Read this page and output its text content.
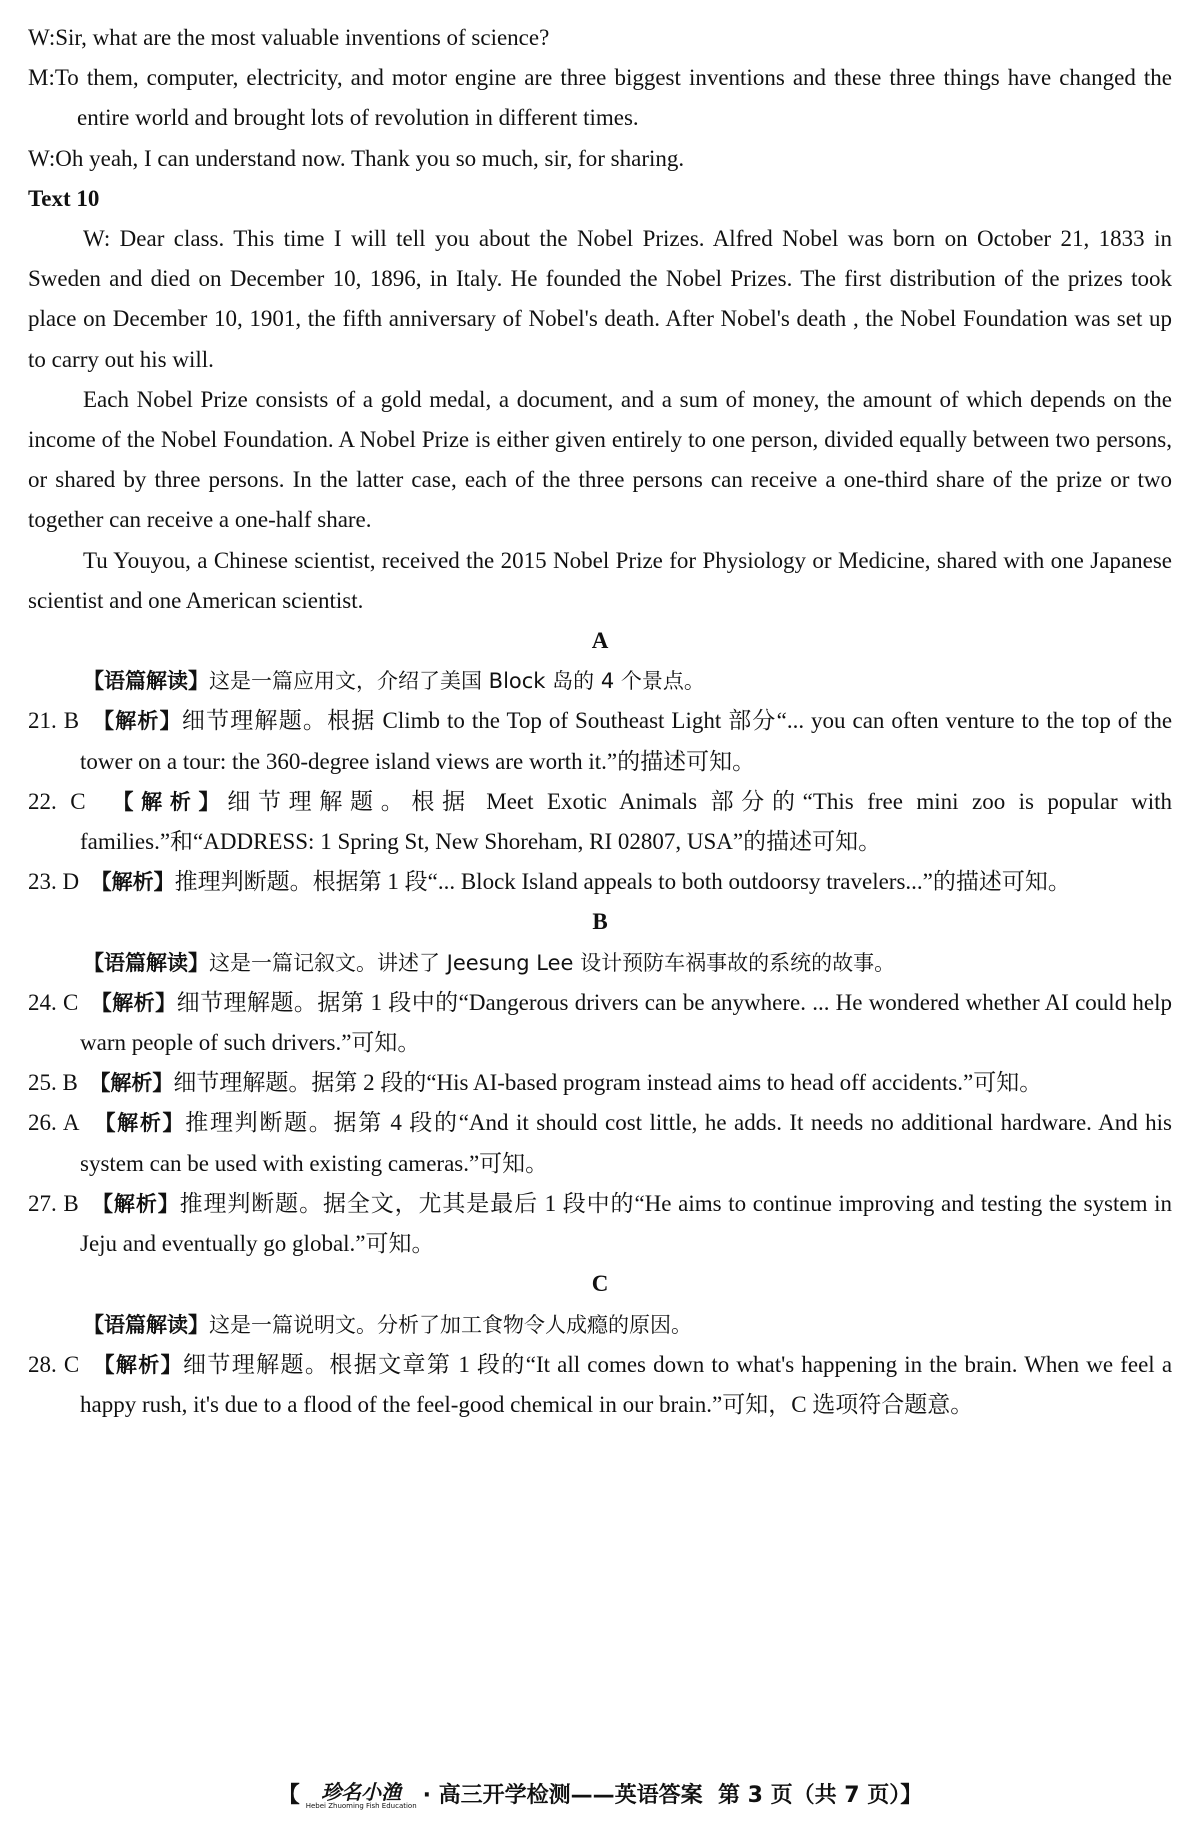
W:Sir, what are the most valuable inventions of science?

M:To them, computer, electricity, and motor engine are three biggest inventions and these three things have changed the entire world and brought lots of revolution in different times.

W:Oh yeah, I can understand now. Thank you so much, sir, for sharing.

Text 10

W: Dear class. This time I will tell you about the Nobel Prizes. Alfred Nobel was born on October 21, 1833 in Sweden and died on December 10, 1896, in Italy. He founded the Nobel Prizes. The first distribution of the prizes took place on December 10, 1901, the fifth anniversary of Nobel's death. After Nobel's death , the Nobel Foundation was set up to carry out his will.

Each Nobel Prize consists of a gold medal, a document, and a sum of money, the amount of which depends on the income of the Nobel Foundation. A Nobel Prize is either given entirely to one person, divided equally between two persons, or shared by three persons. In the latter case, each of the three persons can receive a one-third share of the prize or two together can receive a one-half share.

Tu Youyou, a Chinese scientist, received the 2015 Nobel Prize for Physiology or Medicine, shared with one Japanese scientist and one American scientist.

A

【语篇解读】这是一篇应用文，介绍了美国 Block 岛的 4 个景点。

21. B 【解析】细节理解题。根据 Climb to the Top of Southeast Light 部分“... you can often venture to the top of the tower on a tour: the 360-degree island views are worth it.”的描述可知。

22. C 【解析】细节理解题。根据 Meet Exotic Animals 部分的“This free mini zoo is popular with families.”和“ADDRESS: 1 Spring St, New Shoreham, RI 02807, USA”的描述可知。

23. D 【解析】推理判断题。根据第 1 段“... Block Island appeals to both outdoorsy travelers...”的描述可知。

B

【语篇解读】这是一篇记叙文。讲述了 Jeesung Lee 设计预防车祸事故的系统的故事。

24. C 【解析】细节理解题。据第 1 段中的“Dangerous drivers can be anywhere. ... He wondered whether AI could help warn people of such drivers.”可知。

25. B 【解析】细节理解题。据第 2 段的“His AI-based program instead aims to head off accidents.”可知。

26. A 【解析】推理判断题。据第 4 段的“And it should cost little, he adds. It needs no additional hardware. And his system can be used with existing cameras.”可知。

27. B 【解析】推理判断题。据全文，尤其是最后 1 段中的“He aims to continue improving and testing the system in Jeju and eventually go global.”可知。

C

【语篇解读】这是一篇说明文。分析了加工食物令人成瘾的原因。

28. C 【解析】细节理解题。根据文章第 1 段的“It all comes down to what's happening in the brain. When we feel a happy rush, it's due to a flood of the feel-good chemical in our brain.”可知，C 选项符合题意。

【	珍名小渔
Hebei Zhuoming Fish Education · 高三开学检测——英语答案 第 3 页（共 7 页）】
